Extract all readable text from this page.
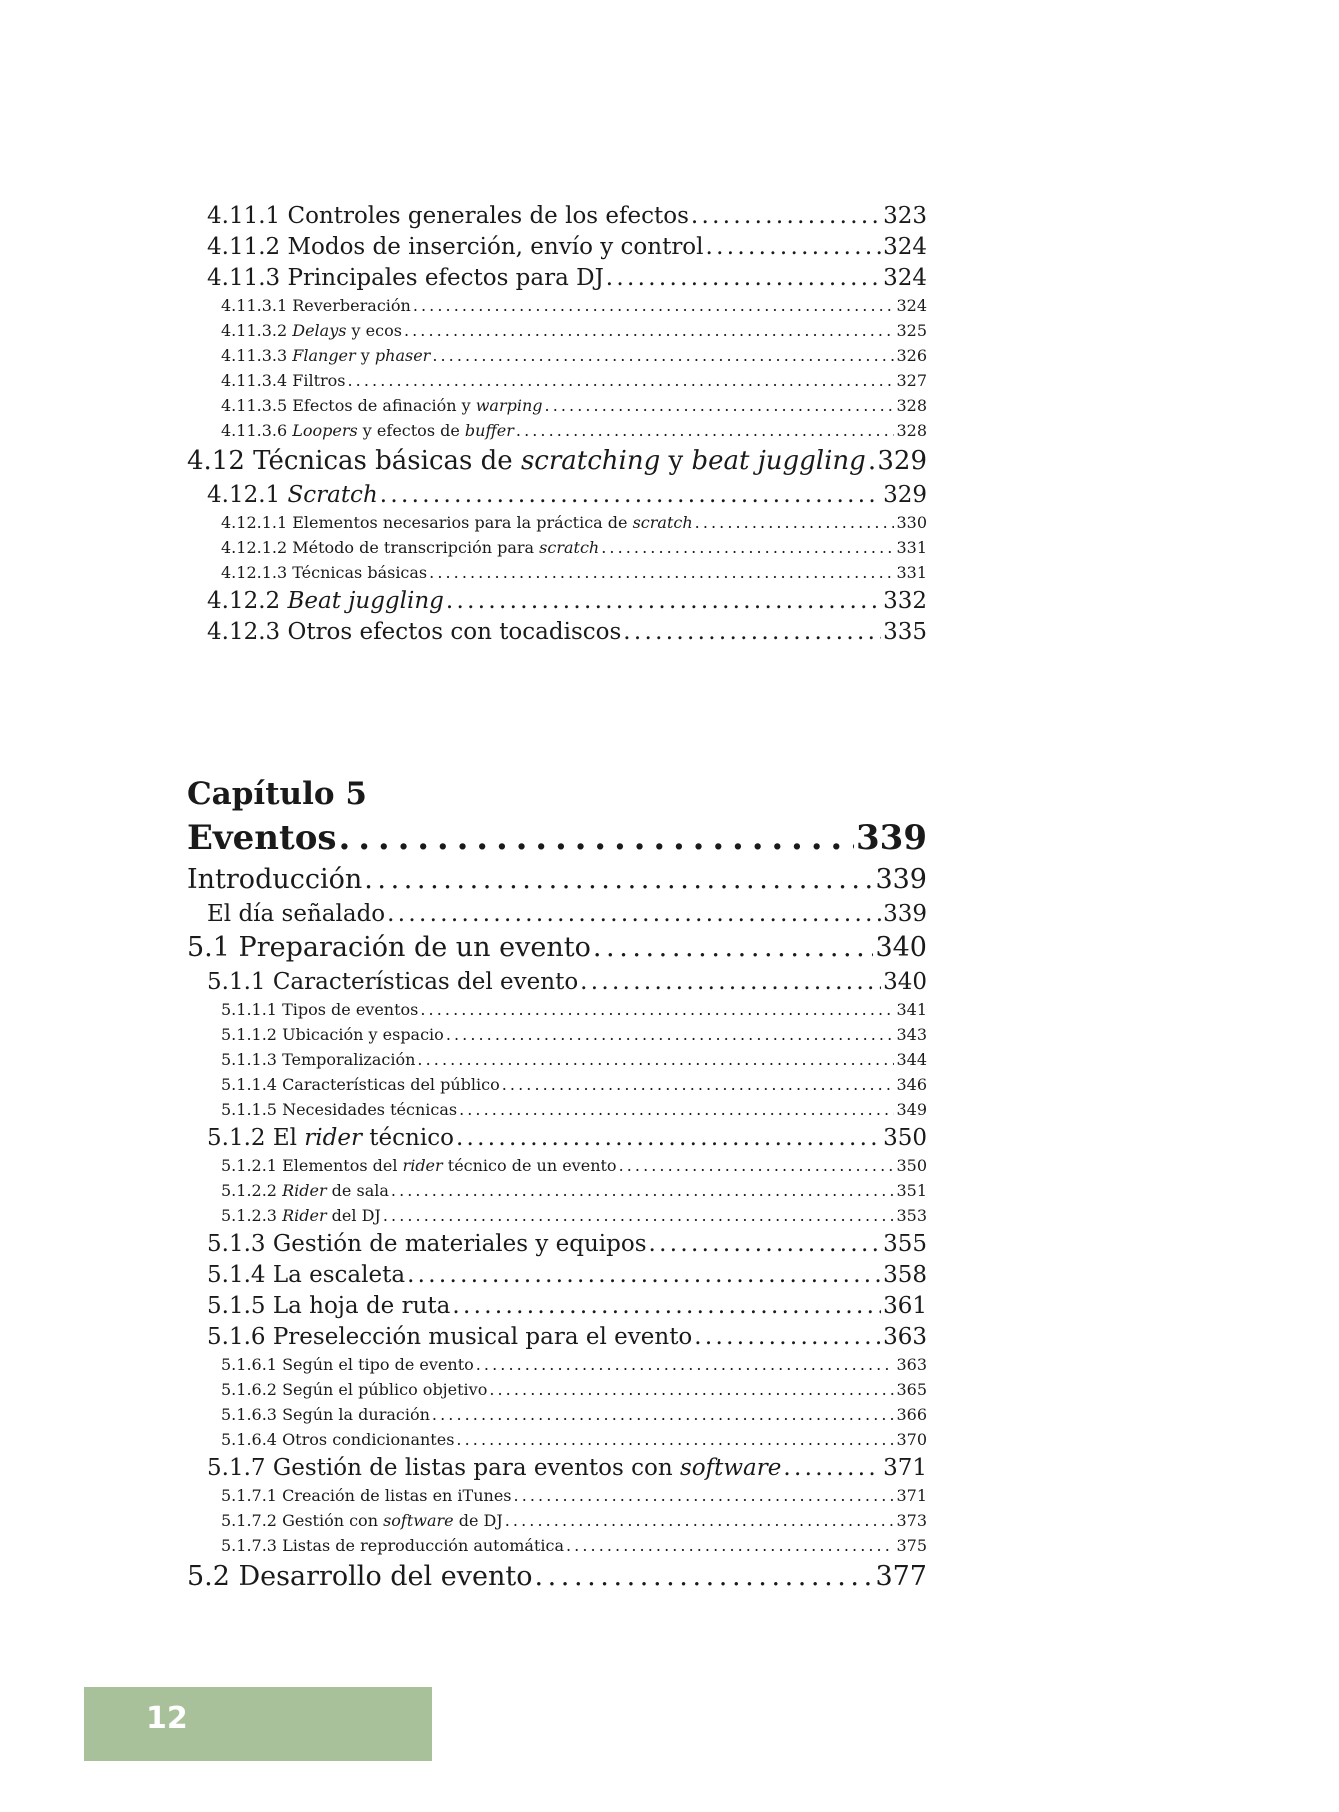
4.11.1 Controles generales de los efectos . . .	323
4.11.2 Modos de inserción, envío y control . . .	324
4.11.3 Principales efectos para DJ . . .	324
4.11.3.1 Reverberación . . .	324
4.11.3.2 Delays y ecos . . .	325
4.11.3.3 Flanger y phaser . . .	326
4.11.3.4 Filtros . . .	327
4.11.3.5 Efectos de afinación y warping . . .	328
4.11.3.6 Loopers y efectos de buffer . . .	328
4.12 Técnicas básicas de scratching y beat juggling . . . 329
4.12.1 Scratch . . .	329
4.12.1.1 Elementos necesarios para la práctica de scratch . . .	330
4.12.1.2 Método de transcripción para scratch . . .	331
4.12.1.3 Técnicas básicas . . .	331
4.12.2 Beat juggling . . .	332
4.12.3 Otros efectos con tocadiscos . . .	335
Capítulo 5
Eventos . . .	339
Introducción . . .	339
El día señalado . . .	339
5.1 Preparación de un evento . . .	340
5.1.1 Características del evento . . .	340
5.1.1.1 Tipos de eventos . . .	341
5.1.1.2 Ubicación y espacio . . .	343
5.1.1.3 Temporalización . . .	344
5.1.1.4 Características del público . . .	346
5.1.1.5 Necesidades técnicas . . .	349
5.1.2 El rider técnico . . .	350
5.1.2.1 Elementos del rider técnico de un evento . . .	350
5.1.2.2 Rider de sala . . .	351
5.1.2.3 Rider del DJ . . .	353
5.1.3 Gestión de materiales y equipos . . .	355
5.1.4 La escaleta . . .	358
5.1.5 La hoja de ruta . . .	361
5.1.6 Preselección musical para el evento . . .	363
5.1.6.1 Según el tipo de evento . . .	363
5.1.6.2 Según el público objetivo . . .	365
5.1.6.3 Según la duración . . .	366
5.1.6.4 Otros condicionantes . . .	370
5.1.7 Gestión de listas para eventos con software . . .	371
5.1.7.1 Creación de listas en iTunes . . .	371
5.1.7.2 Gestión con software de DJ . . .	373
5.1.7.3 Listas de reproducción automática . . .	375
5.2 Desarrollo del evento . . .	377
12
